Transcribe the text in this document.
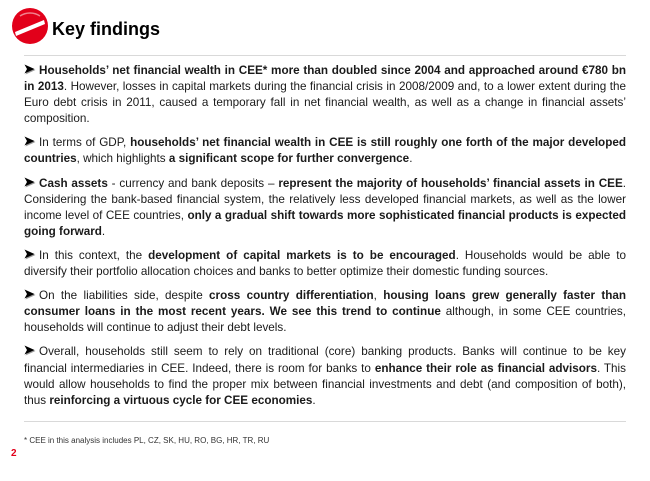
Key findings

Households’ net financial wealth in CEE* more than doubled since 2004 and approached around €780 bn in 2013. However, losses in capital markets during the financial crisis in 2008/2009 and, to a lower extent during the Euro debt crisis in 2011, caused a temporary fall in net financial wealth, as well as a change in financial assets’ composition.

In terms of GDP, households’ net financial wealth in CEE is still roughly one forth of the major developed countries, which highlights a significant scope for further convergence.

Cash assets - currency and bank deposits – represent the majority of households’ financial assets in CEE. Considering the bank-based financial system, the relatively less developed financial markets, as well as the lower income level of CEE countries, only a gradual shift towards more sophisticated financial products is expected going forward.

In this context, the development of capital markets is to be encouraged. Households would be able to diversify their portfolio allocation choices and banks to better optimize their domestic funding sources.

On the liabilities side, despite cross country differentiation, housing loans grew generally faster than consumer loans in the most recent years. We see this trend to continue although, in some CEE countries, households will continue to adjust their debt levels.

Overall, households still seem to rely on traditional (core) banking products. Banks will continue to be key financial intermediaries in CEE. Indeed, there is room for banks to enhance their role as financial advisors. This would allow households to find the proper mix between financial investments and debt (and composition of both), thus reinforcing a virtuous cycle for CEE economies.

* CEE in this analysis includes PL, CZ, SK, HU, RO, BG, HR, TR, RU
2
